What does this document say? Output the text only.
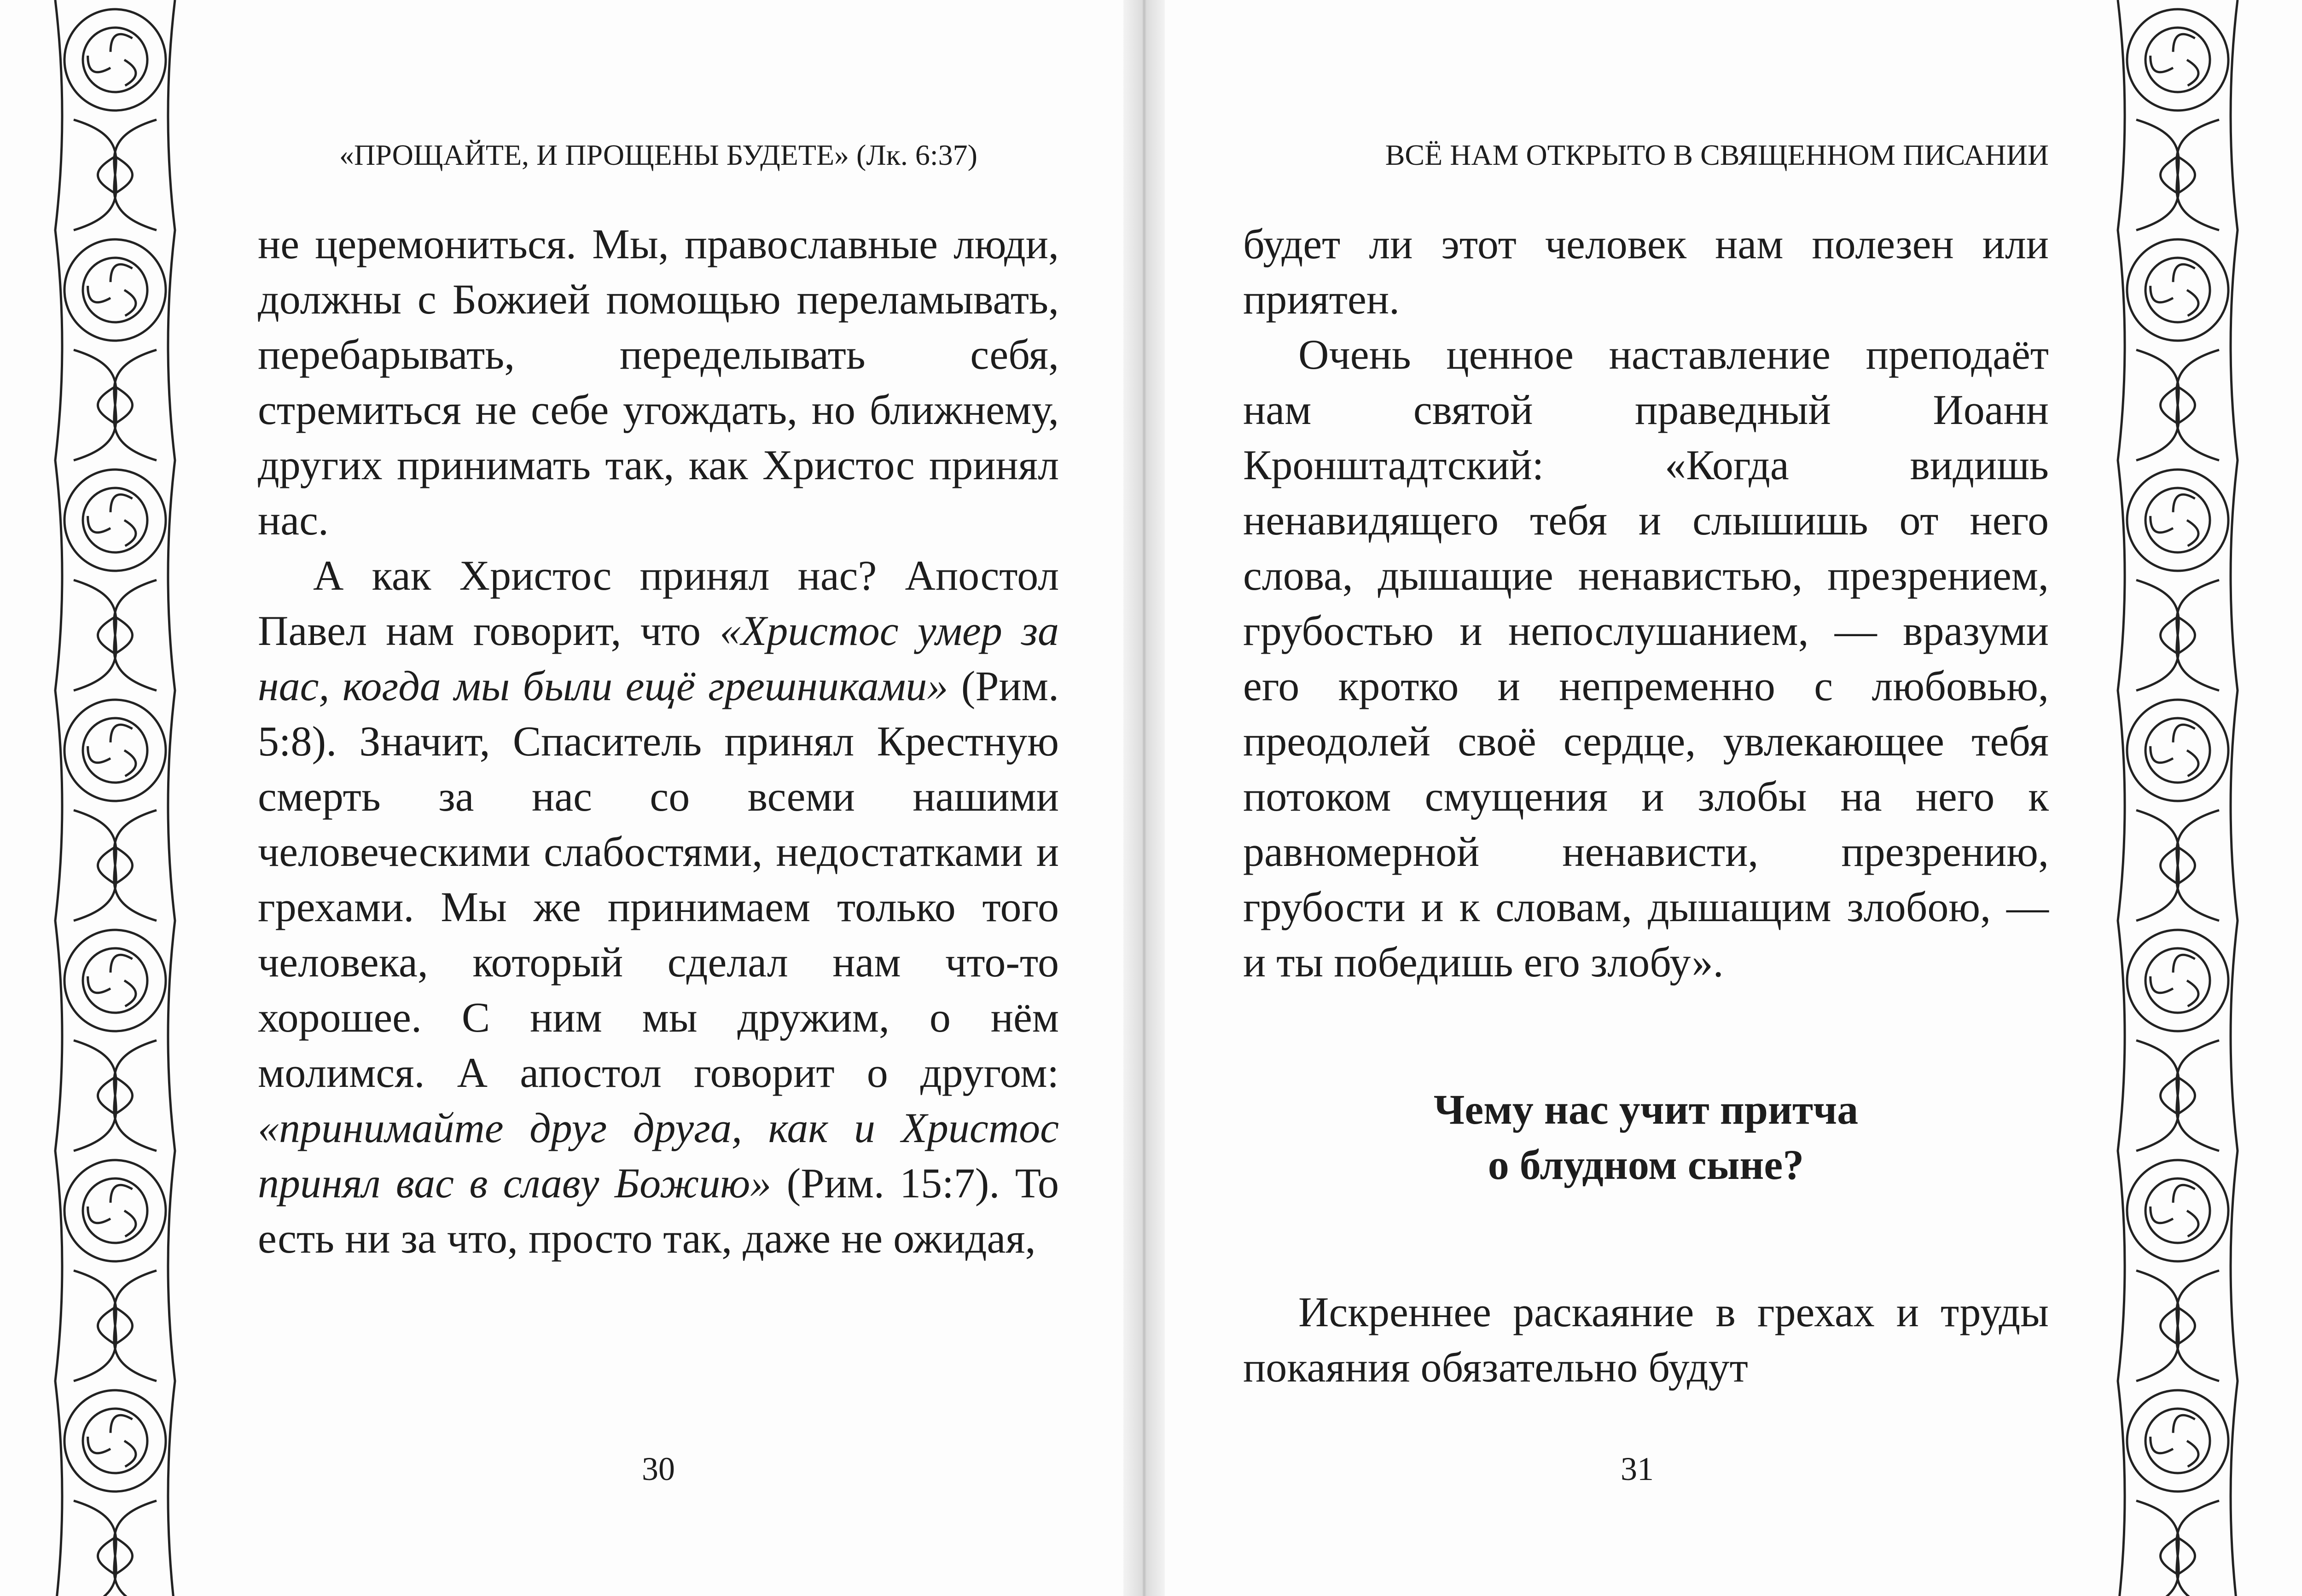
«ПРОЩАЙТЕ, И ПРОЩЕНЫ БУДЕТЕ» (Лк. 6:37)

не церемониться. Мы, православные люди, должны с Божией помощью переламывать, перебарывать, переделывать себя, стремиться не себе угождать, но ближнему, других принимать так, как Христос принял нас.

А как Христос принял нас? Апостол Павел нам говорит, что «Христос умер за нас, когда мы были ещё грешниками» (Рим. 5:8). Значит, Спаситель принял Крестную смерть за нас со всеми нашими человеческими слабостями, недостатками и грехами. Мы же принимаем только того человека, который сделал нам что-то хорошее. С ним мы дружим, о нём молимся. А апостол говорит о другом: «принимайте друг друга, как и Христос принял вас в славу Божию» (Рим. 15:7). То есть ни за что, просто так, даже не ожидая,

30
ВСЁ НАМ ОТКРЫТО В СВЯЩЕННОМ ПИСАНИИ

будет ли этот человек нам полезен или приятен.

Очень ценное наставление преподаёт нам святой праведный Иоанн Кронштадтский: «Когда видишь ненавидящего тебя и слышишь от него слова, дышащие ненавистью, презрением, грубостью и непослушанием, — вразуми его кротко и непременно с любовью, преодолей своё сердце, увлекающее тебя потоком смущения и злобы на него к равномерной ненависти, презрению, грубости и к словам, дышащим злобою, — и ты победишь его злобу».

Чему нас учит притча
о блудном сыне?

Искреннее раскаяние в грехах и труды покаяния обязательно будут

31
